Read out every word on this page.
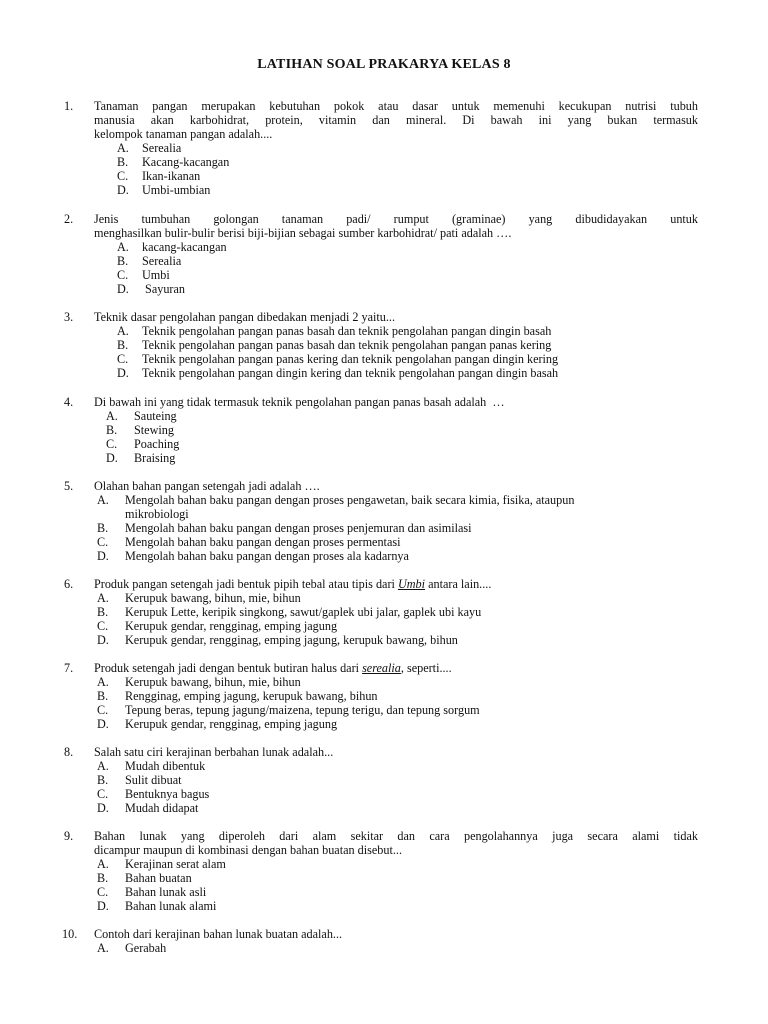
LATIHAN SOAL PRAKARYA KELAS 8
1. Tanaman pangan merupakan kebutuhan pokok atau dasar untuk memenuhi kecukupan nutrisi tubuh
manusia akan karbohidrat, protein, vitamin dan mineral. Di bawah ini yang bukan termasuk
kelompok tanaman pangan adalah....
A. Serealia
B. Kacang-kacangan
C. Ikan-ikanan
D. Umbi-umbian
2. Jenis tumbuhan golongan tanaman padi/ rumput (graminae) yang dibudidayakan untuk
menghasilkan bulir-bulir berisi biji-bijian sebagai sumber karbohidrat/ pati adalah ….
A. kacang-kacangan
B. Serealia
C. Umbi
D. Sayuran
3. Teknik dasar pengolahan pangan dibedakan menjadi 2 yaitu...
A. Teknik pengolahan pangan panas basah dan teknik pengolahan pangan dingin basah
B. Teknik pengolahan pangan panas basah dan teknik pengolahan pangan panas kering
C. Teknik pengolahan pangan panas kering dan teknik pengolahan pangan dingin kering
D. Teknik pengolahan pangan dingin kering dan teknik pengolahan pangan dingin basah
4. Di bawah ini yang tidak termasuk teknik pengolahan pangan panas basah adalah  …
A. Sauteing
B. Stewing
C. Poaching
D. Braising
5. Olahan bahan pangan setengah jadi adalah ….
A. Mengolah bahan baku pangan dengan proses pengawetan, baik secara kimia, fisika, ataupun
mikrobiologi
B. Mengolah bahan baku pangan dengan proses penjemuran dan asimilasi
C. Mengolah bahan baku pangan dengan proses permentasi
D. Mengolah bahan baku pangan dengan proses ala kadarnya
6. Produk pangan setengah jadi bentuk pipih tebal atau tipis dari Umbi antara lain....
A. Kerupuk bawang, bihun, mie, bihun
B. Kerupuk Lette, keripik singkong, sawut/gaplek ubi jalar, gaplek ubi kayu
C. Kerupuk gendar, rengginag, emping jagung
D. Kerupuk gendar, rengginag, emping jagung, kerupuk bawang, bihun
7. Produk setengah jadi dengan bentuk butiran halus dari serealia, seperti....
A. Kerupuk bawang, bihun, mie, bihun
B. Rengginag, emping jagung, kerupuk bawang, bihun
C. Tepung beras, tepung jagung/maizena, tepung terigu, dan tepung sorgum
D. Kerupuk gendar, rengginag, emping jagung
8. Salah satu ciri kerajinan berbahan lunak adalah...
A. Mudah dibentuk
B. Sulit dibuat
C. Bentuknya bagus
D. Mudah didapat
9. Bahan lunak yang diperoleh dari alam sekitar dan cara pengolahannya juga secara alami tidak
dicampur maupun di kombinasi dengan bahan buatan disebut...
A. Kerajinan serat alam
B. Bahan buatan
C. Bahan lunak asli
D. Bahan lunak alami
10. Contoh dari kerajinan bahan lunak buatan adalah...
A. Gerabah
